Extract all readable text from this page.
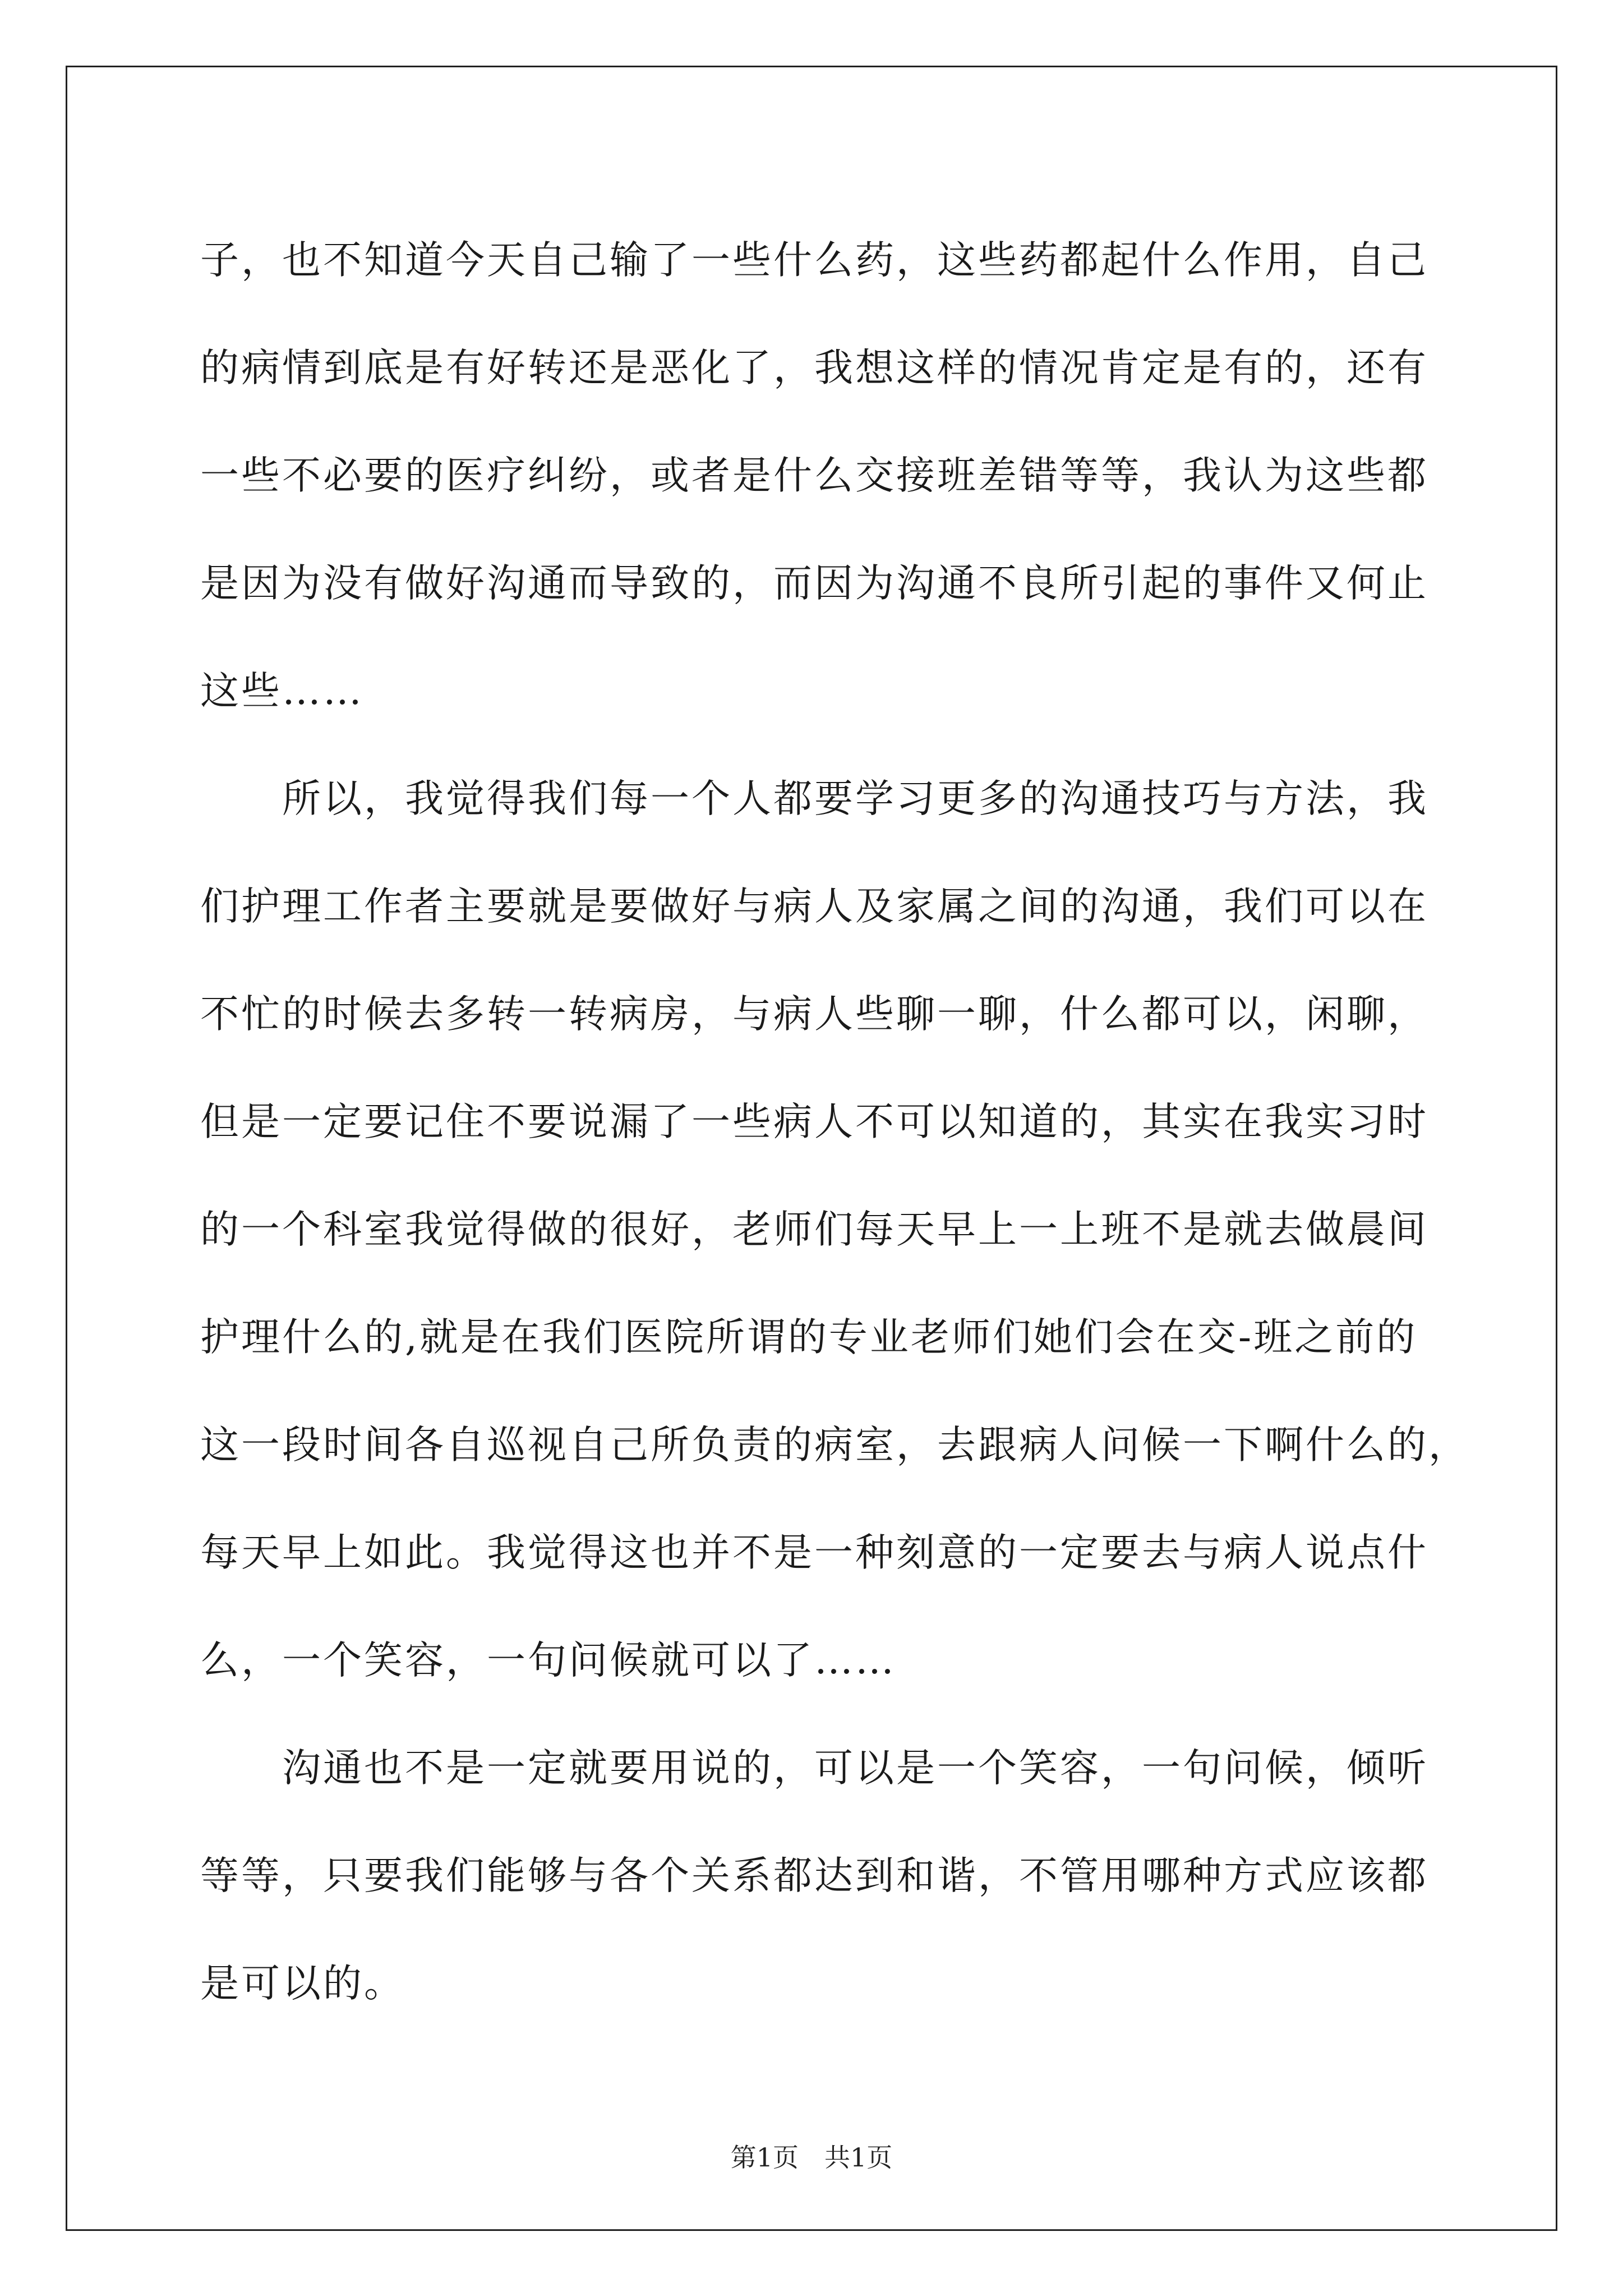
子，也不知道今天自己输了一些什么药，这些药都起什么作用，自己
的病情到底是有好转还是恶化了，我想这样的情况肯定是有的，还有
一些不必要的医疗纠纷，或者是什么交接班差错等等，我认为这些都
是因为没有做好沟通而导致的，而因为沟通不良所引起的事件又何止
这些……
　　所以，我觉得我们每一个人都要学习更多的沟通技巧与方法，我
们护理工作者主要就是要做好与病人及家属之间的沟通，我们可以在
不忙的时候去多转一转病房，与病人些聊一聊，什么都可以，闲聊，
但是一定要记住不要说漏了一些病人不可以知道的，其实在我实习时
的一个科室我觉得做的很好，老师们每天早上一上班不是就去做晨间
护理什么的,就是在我们医院所谓的专业老师们她们会在交-班之前的
这一段时间各自巡视自己所负责的病室，去跟病人问候一下啊什么的，
每天早上如此。我觉得这也并不是一种刻意的一定要去与病人说点什
么，一个笑容，一句问候就可以了……
　　沟通也不是一定就要用说的，可以是一个笑容，一句问候，倾听
等等，只要我们能够与各个关系都达到和谐，不管用哪种方式应该都
是可以的。
第1页　共1页
